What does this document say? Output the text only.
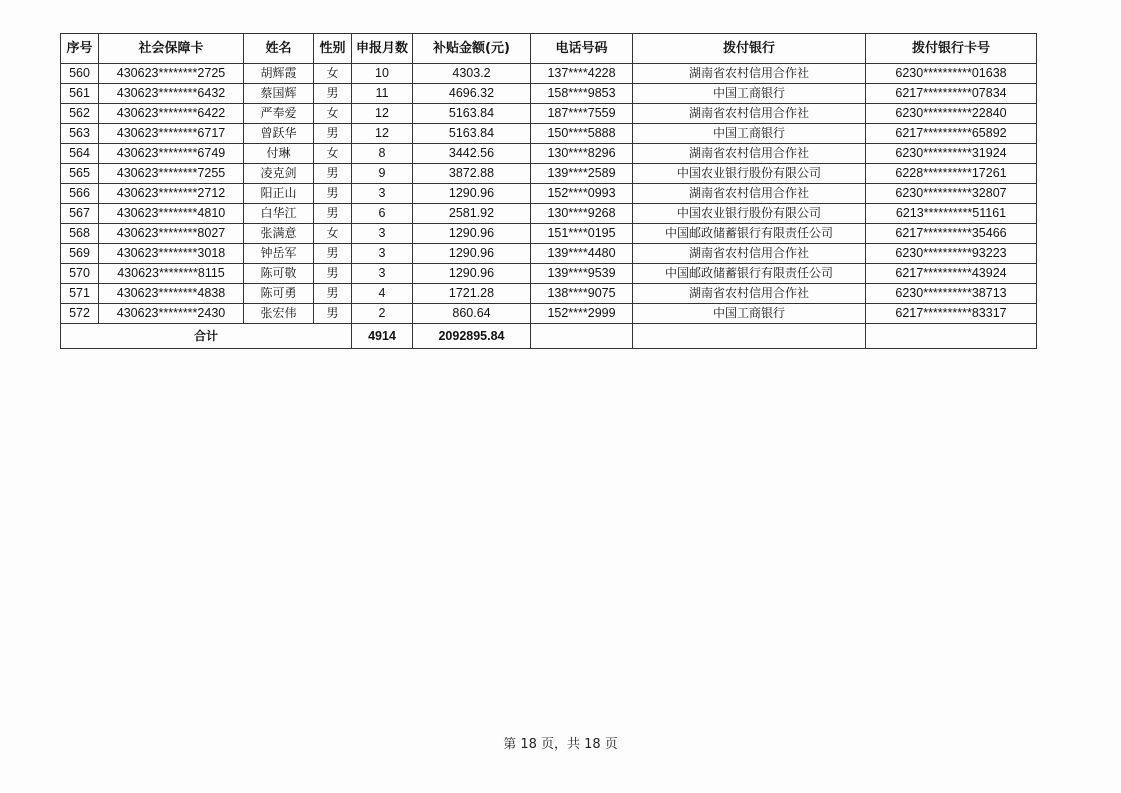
序号	社会保障卡	姓名	性别	申报月数	补贴金额(元)	电话号码	拨付银行	拨付银行卡号
560	430623********2725	胡辉霞	女	10	4303.2	137****4228	湖南省农村信用合作社	6230**********01638
561	430623********6432	蔡国辉	男	11	4696.32	158****9853	中国工商银行	6217**********07834
562	430623********6422	严奉爱	女	12	5163.84	187****7559	湖南省农村信用合作社	6230**********22840
563	430623********6717	曾跃华	男	12	5163.84	150****5888	中国工商银行	6217**********65892
564	430623********6749	付琳	女	8	3442.56	130****8296	湖南省农村信用合作社	6230**********31924
565	430623********7255	凌克剑	男	9	3872.88	139****2589	中国农业银行股份有限公司	6228**********17261
566	430623********2712	阳正山	男	3	1290.96	152****0993	湖南省农村信用合作社	6230**********32807
567	430623********4810	白华江	男	6	2581.92	130****9268	中国农业银行股份有限公司	6213**********51161
568	430623********8027	张满意	女	3	1290.96	151****0195	中国邮政储蓄银行有限责任公司	6217**********35466
569	430623********3018	钟岳军	男	3	1290.96	139****4480	湖南省农村信用合作社	6230**********93223
570	430623********8115	陈可敬	男	3	1290.96	139****9539	中国邮政储蓄银行有限责任公司	6217**********43924
571	430623********4838	陈可勇	男	4	1721.28	138****9075	湖南省农村信用合作社	6230**********38713
572	430623********2430	张宏伟	男	2	860.64	152****2999	中国工商银行	6217**********83317
合计				4914	2092895.84			
第 18 页，共 18 页
